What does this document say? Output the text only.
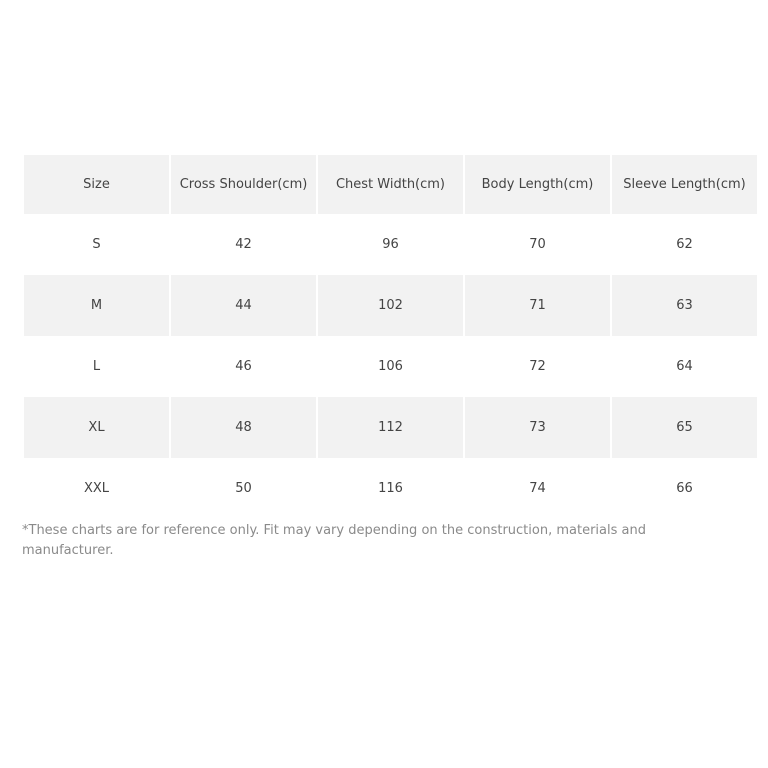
Size	Cross Shoulder(cm)	Chest Width(cm)	Body Length(cm)	Sleeve Length(cm)
S	42	96	70	62
M	44	102	71	63
L	46	106	72	64
XL	48	112	73	65
XXL	50	116	74	66

*These charts are for reference only. Fit may vary depending on the construction, materials and manufacturer.
